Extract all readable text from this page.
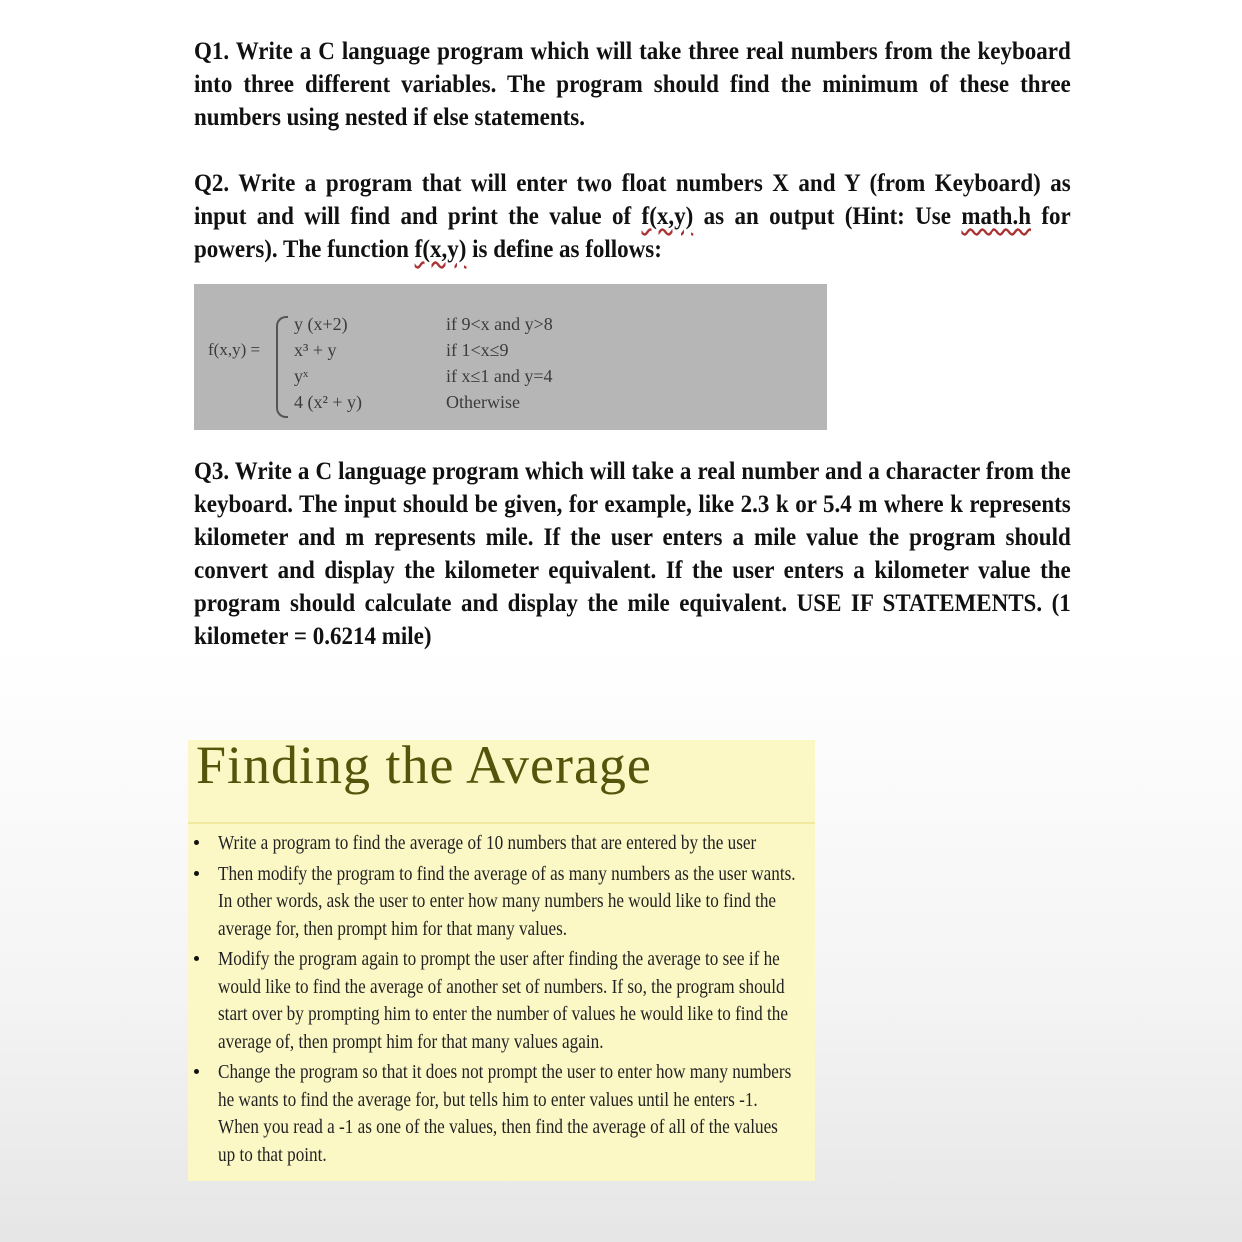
Q1. Write a C language program which will take three real numbers from the keyboard into three different variables. The program should find the minimum of these three numbers using nested if else statements.
Q2. Write a program that will enter two float numbers X and Y (from Keyboard) as input and will find and print the value of f(x,y) as an output (Hint: Use math.h for powers). The function f(x,y) is define as follows:
f(x,y) =
y (x+2)	if 9<x and y>8
x³ + y	if 1<x≤9
yˣ	if x≤1 and y=4
4 (x² + y)	Otherwise
Q3. Write a C language program which will take a real number and a character from the keyboard. The input should be given, for example, like 2.3 k or 5.4 m where k represents kilometer and m represents mile. If the user enters a mile value the program should convert and display the kilometer equivalent. If the user enters a kilometer value the program should calculate and display the mile equivalent. USE IF STATEMENTS. (1 kilometer = 0.6214 mile)
Finding the Average
Write a program to find the average of 10 numbers that are entered by the user
Then modify the program to find the average of as many numbers as the user wants. In other words, ask the user to enter how many numbers he would like to find the average for, then prompt him for that many values.
Modify the program again to prompt the user after finding the average to see if he would like to find the average of another set of numbers. If so, the program should start over by prompting him to enter the number of values he would like to find the average of, then prompt him for that many values again.
Change the program so that it does not prompt the user to enter how many numbers he wants to find the average for, but tells him to enter values until he enters -1. When you read a -1 as one of the values, then find the average of all of the values up to that point.
